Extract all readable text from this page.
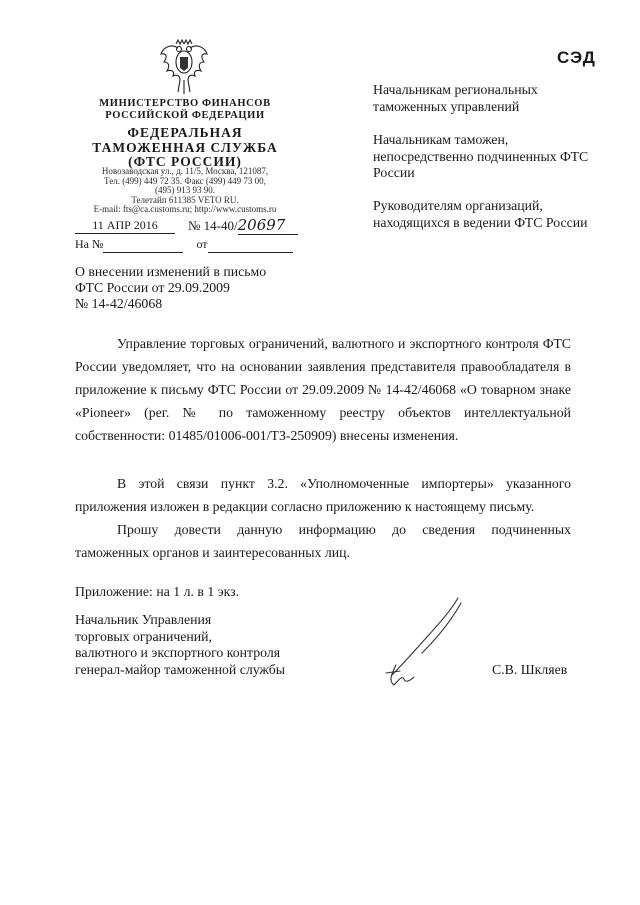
МИНИСТЕРСТВО ФИНАНСОВ
РОССИЙСКОЙ ФЕДЕРАЦИИ
ФЕДЕРАЛЬНАЯ
ТАМОЖЕННАЯ СЛУЖБА
(ФТС РОССИИ)
Новозаводская ул., д. 11/5, Москва, 121087,
Тел. (499) 449 72 35. Факс (499) 449 73 00,
(495) 913 93 90.
Телетайп 611385 VETO RU.
E-mail: fts@ca.customs.ru; http://www.customs.ru
11 АПР 2016	№ 14-40/20697
На №	от
СЭД
Начальникам региональных таможенных управлений
Начальникам таможен, непосредственно подчиненных ФТС России
Руководителям организаций, находящихся в ведении ФТС России
О внесении изменений в письмо
ФТС России от 29.09.2009
№ 14-42/46068
Управление торговых ограничений, валютного и экспортного контроля ФТС России уведомляет, что на основании заявления представителя правообладателя в приложение к письму ФТС России от 29.09.2009 № 14-42/46068 «О товарном знаке «Pioneer» (рег. № по таможенному реестру объектов интеллектуальной собственности: 01485/01006-001/ТЗ-250909) внесены изменения.
В этой связи пункт 3.2. «Уполномоченные импортеры» указанного приложения изложен в редакции согласно приложению к настоящему письму.
Прошу довести данную информацию до сведения подчиненных таможенных органов и заинтересованных лиц.
Приложение: на 1 л. в 1 экз.
Начальник Управления
торговых ограничений,
валютного и экспортного контроля
генерал-майор таможенной службы	С.В. Шкляев
